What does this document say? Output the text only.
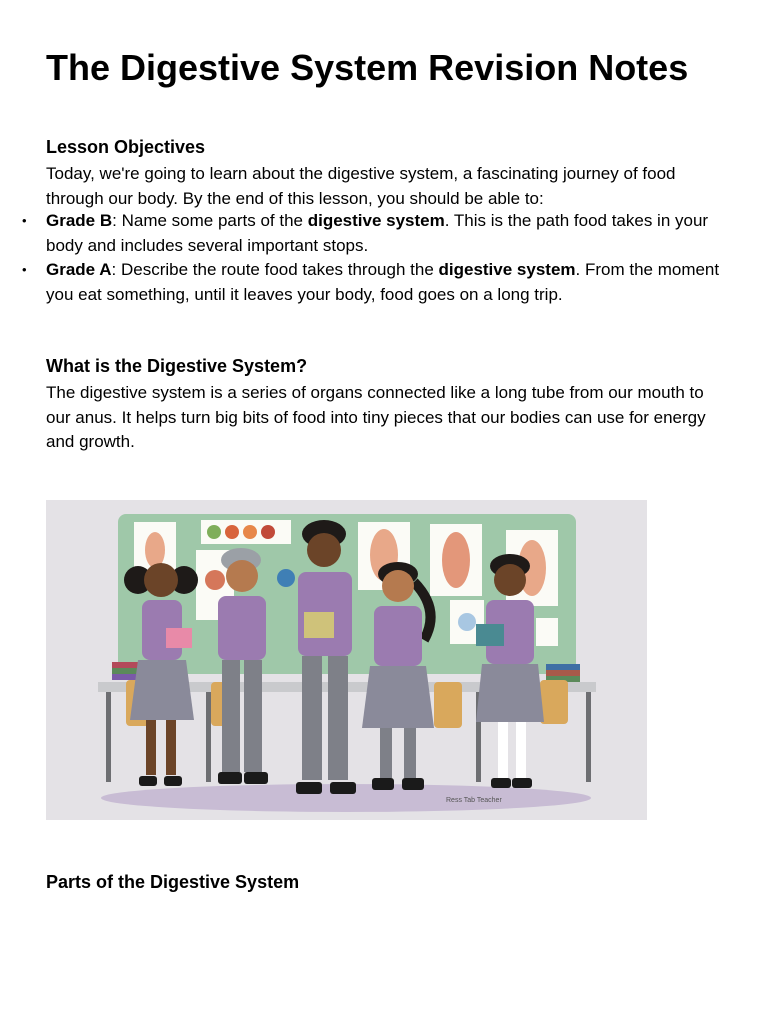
The Digestive System Revision Notes
Lesson Objectives

Today, we're going to learn about the digestive system, a fascinating journey of food through our body. By the end of this lesson, you should be able to:

• Grade B: Name some parts of the digestive system. This is the path food takes in your body and includes several important stops.
• Grade A: Describe the route food takes through the digestive system. From the moment you eat something, until it leaves your body, food goes on a long trip.
What is the Digestive System?

The digestive system is a series of organs connected like a long tube from our mouth to our anus. It helps turn big bits of food into tiny pieces that our bodies can use for energy and growth.

Ress Tab Teacher
Parts of the Digestive System
